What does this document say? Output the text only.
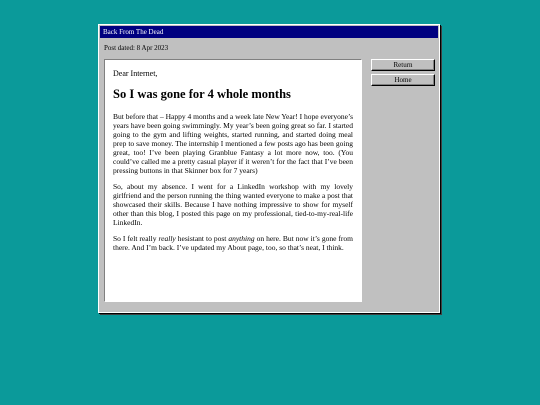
Back From The Dead
Post dated: 8 Apr 2023

Dear Internet,

So I was gone for 4 whole months

But before that – Happy 4 months and a week late New Year! I hope everyone’s years have been going swimmingly. My year’s been going great so far. I started going to the gym and lifting weights, started running, and started doing meal prep to save money. The internship I mentioned a few posts ago has been going great, too! I’ve been playing Granblue Fantasy a lot more now, too. (You could’ve called me a pretty casual player if it weren’t for the fact that I’ve been pressing buttons in that Skinner box for 7 years)

So, about my absence. I went for a LinkedIn workshop with my lovely girlfriend and the person running the thing wanted everyone to make a post that showcased their skills. Because I have nothing impressive to show for myself other than this blog, I posted this page on my professional, tied-to-my-real-life LinkedIn.

So I felt really really hesistant to post anything on here. But now it’s gone from there. And I’m back. I’ve updated my About page, too, so that’s neat, I think.

Return
Home
